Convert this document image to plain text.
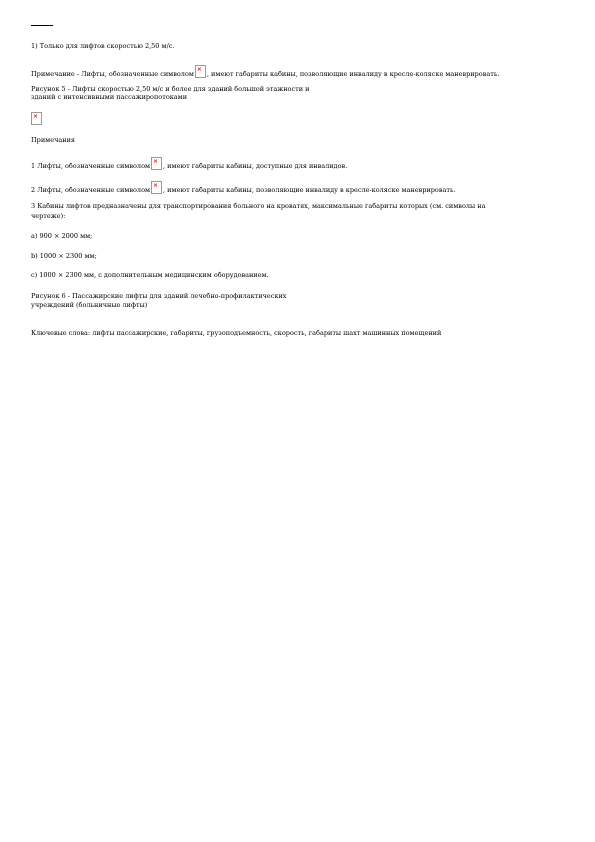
1) Только для лифтов скоростью 2,50 м/с.
Примечание - Лифты, обозначенные символом
×
, имеют габариты кабины, позволяющие инвалиду в кресле-коляске маневрировать.
Рисунок 5 - Лифты скоростью 2,50 м/с и более для зданий большой этажности и
зданий с интенсивными пассажиропотоками
×
Примечания
1 Лифты, обозначенные символом
×
, имеют габариты кабины, доступные для инвалидов.
2 Лифты, обозначенные символом
×
, имеют габариты кабины, позволяющие инвалиду в кресле-коляске маневрировать.
3 Кабины лифтов предназначены для транспортирования больного на кроватях, максимальные габариты которых (см. символы на
чертеже):
a) 900 × 2000 мм;
b) 1000 × 2300 мм;
c) 1000 × 2300 мм, с дополнительным медицинским оборудованием.
Рисунок 6 - Пассажирские лифты для зданий лечебно-профилактических
учреждений (больничные лифты)
Ключевые слова: лифты пассажирские, габариты, грузоподъемность, скорость, габариты шахт машинных помещений
